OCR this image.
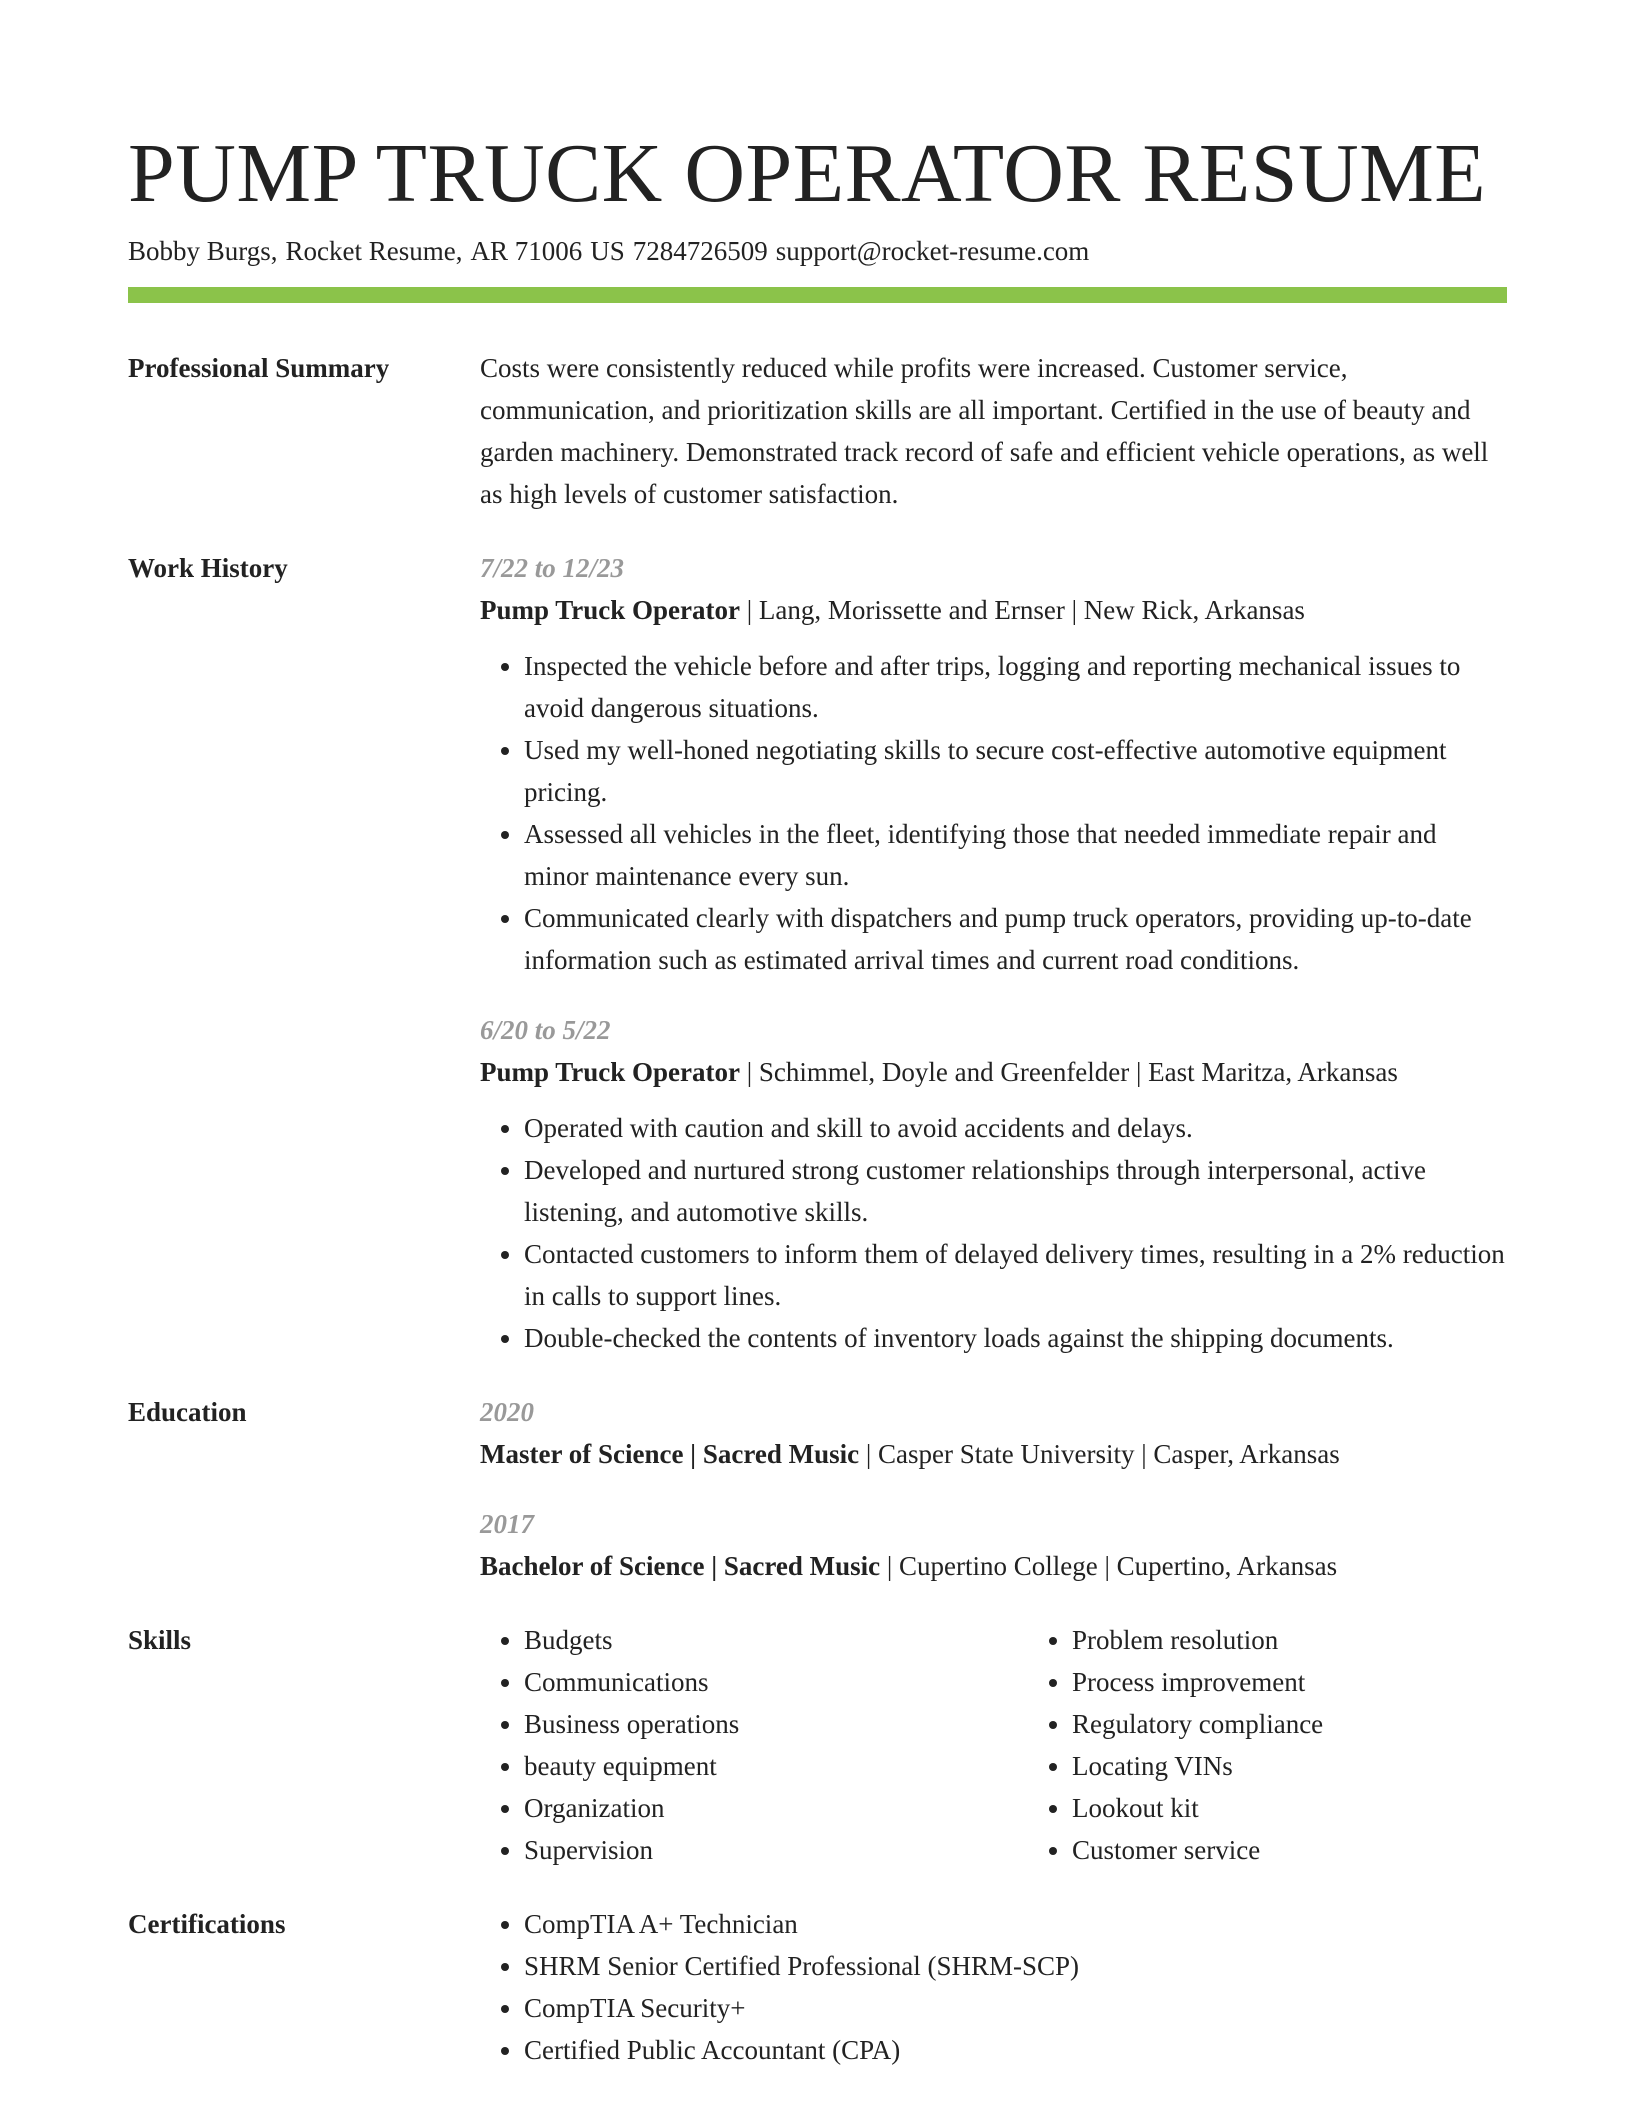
PUMP TRUCK OPERATOR RESUME
Bobby Burgs, Rocket Resume, AR 71006 US 7284726509 support@rocket-resume.com
Professional Summary	Costs were consistently reduced while profits were increased. Customer service, communication, and prioritization skills are all important. Certified in the use of beauty and garden machinery. Demonstrated track record of safe and efficient vehicle operations, as well as high levels of customer satisfaction.
Work History	7/22 to 12/23
Pump Truck Operator | Lang, Morissette and Ernser | New Rick, Arkansas
• Inspected the vehicle before and after trips, logging and reporting mechanical issues to avoid dangerous situations.
• Used my well-honed negotiating skills to secure cost-effective automotive equipment pricing.
• Assessed all vehicles in the fleet, identifying those that needed immediate repair and minor maintenance every sun.
• Communicated clearly with dispatchers and pump truck operators, providing up-to-date information such as estimated arrival times and current road conditions.
6/20 to 5/22
Pump Truck Operator | Schimmel, Doyle and Greenfelder | East Maritza, Arkansas
• Operated with caution and skill to avoid accidents and delays.
• Developed and nurtured strong customer relationships through interpersonal, active listening, and automotive skills.
• Contacted customers to inform them of delayed delivery times, resulting in a 2% reduction in calls to support lines.
• Double-checked the contents of inventory loads against the shipping documents.
Education	2020
Master of Science | Sacred Music | Casper State University | Casper, Arkansas
2017
Bachelor of Science | Sacred Music | Cupertino College | Cupertino, Arkansas
Skills	• Budgets
• Communications
• Business operations
• beauty equipment
• Organization
• Supervision
• Problem resolution
• Process improvement
• Regulatory compliance
• Locating VINs
• Lookout kit
• Customer service
Certifications	• CompTIA A+ Technician
• SHRM Senior Certified Professional (SHRM-SCP)
• CompTIA Security+
• Certified Public Accountant (CPA)
